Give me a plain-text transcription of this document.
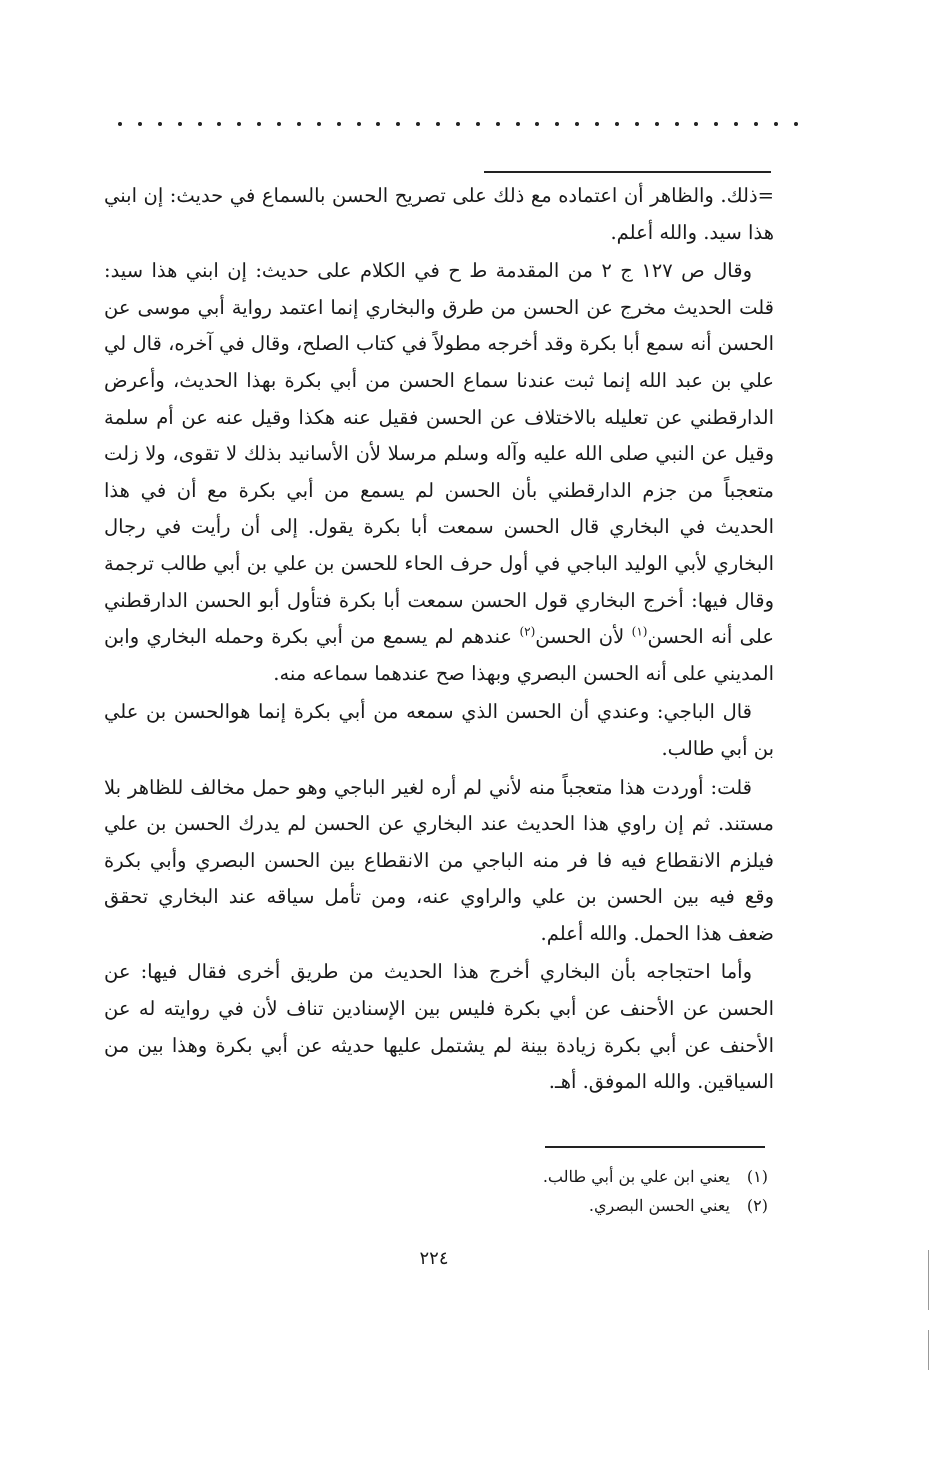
=ذلك. والظاهر أن اعتماده مع ذلك على تصريح الحسن بالسماع في حديث: إن ابني هذا سيد. والله أعلم.

وقال ص ١٢٧ ج ٢ من المقدمة ط ح في الكلام على حديث: إن ابني هذا سيد: قلت الحديث مخرج عن الحسن من طرق والبخاري إنما اعتمد رواية أبي موسى عن الحسن أنه سمع أبا بكرة وقد أخرجه مطولاً في كتاب الصلح، وقال في آخره، قال لي علي بن عبد الله إنما ثبت عندنا سماع الحسن من أبي بكرة بهذا الحديث، وأعرض الدارقطني عن تعليله بالاختلاف عن الحسن فقيل عنه هكذا وقيل عنه عن أم سلمة وقيل عن النبي صلى الله عليه وآله وسلم مرسلا لأن الأسانيد بذلك لا تقوى، ولا زلت متعجباً من جزم الدارقطني بأن الحسن لم يسمع من أبي بكرة مع أن في هذا الحديث في البخاري قال الحسن سمعت أبا بكرة يقول. إلى أن رأيت في رجال البخاري لأبي الوليد الباجي في أول حرف الحاء للحسن بن علي بن أبي طالب ترجمة وقال فيها: أخرج البخاري قول الحسن سمعت أبا بكرة فتأول أبو الحسن الدارقطني على أنه الحسن$^{(١)}$ لأن الحسن$^{(٢)}$ عندهم لم يسمع من أبي بكرة وحمله البخاري وابن المديني على أنه الحسن البصري وبهذا صح عندهما سماعه منه.

قال الباجي: وعندي أن الحسن الذي سمعه من أبي بكرة إنما هوالحسن بن علي بن أبي طالب.

قلت: أوردت هذا متعجباً منه لأني لم أره لغير الباجي وهو حمل مخالف للظاهر بلا مستند. ثم إن راوي هذا الحديث عند البخاري عن الحسن لم يدرك الحسن بن علي فيلزم الانقطاع فيه فا فر منه الباجي من الانقطاع بين الحسن البصري وأبي بكرة وقع فيه بين الحسن بن علي والراوي عنه، ومن تأمل سياقه عند البخاري تحقق ضعف هذا الحمل. والله أعلم.

وأما احتجاجه بأن البخاري أخرج هذا الحديث من طريق أخرى فقال فيها: عن الحسن عن الأحنف عن أبي بكرة فليس بين الإسنادين تناف لأن في روايته له عن الأحنف عن أبي بكرة زيادة بينة لم يشتمل عليها حديثه عن أبي بكرة وهذا بين من السياقين. والله الموفق. أهـ.

(١)
يعني ابن علي بن أبي طالب.
(٢)
يعني الحسن البصري.
٢٢٤
